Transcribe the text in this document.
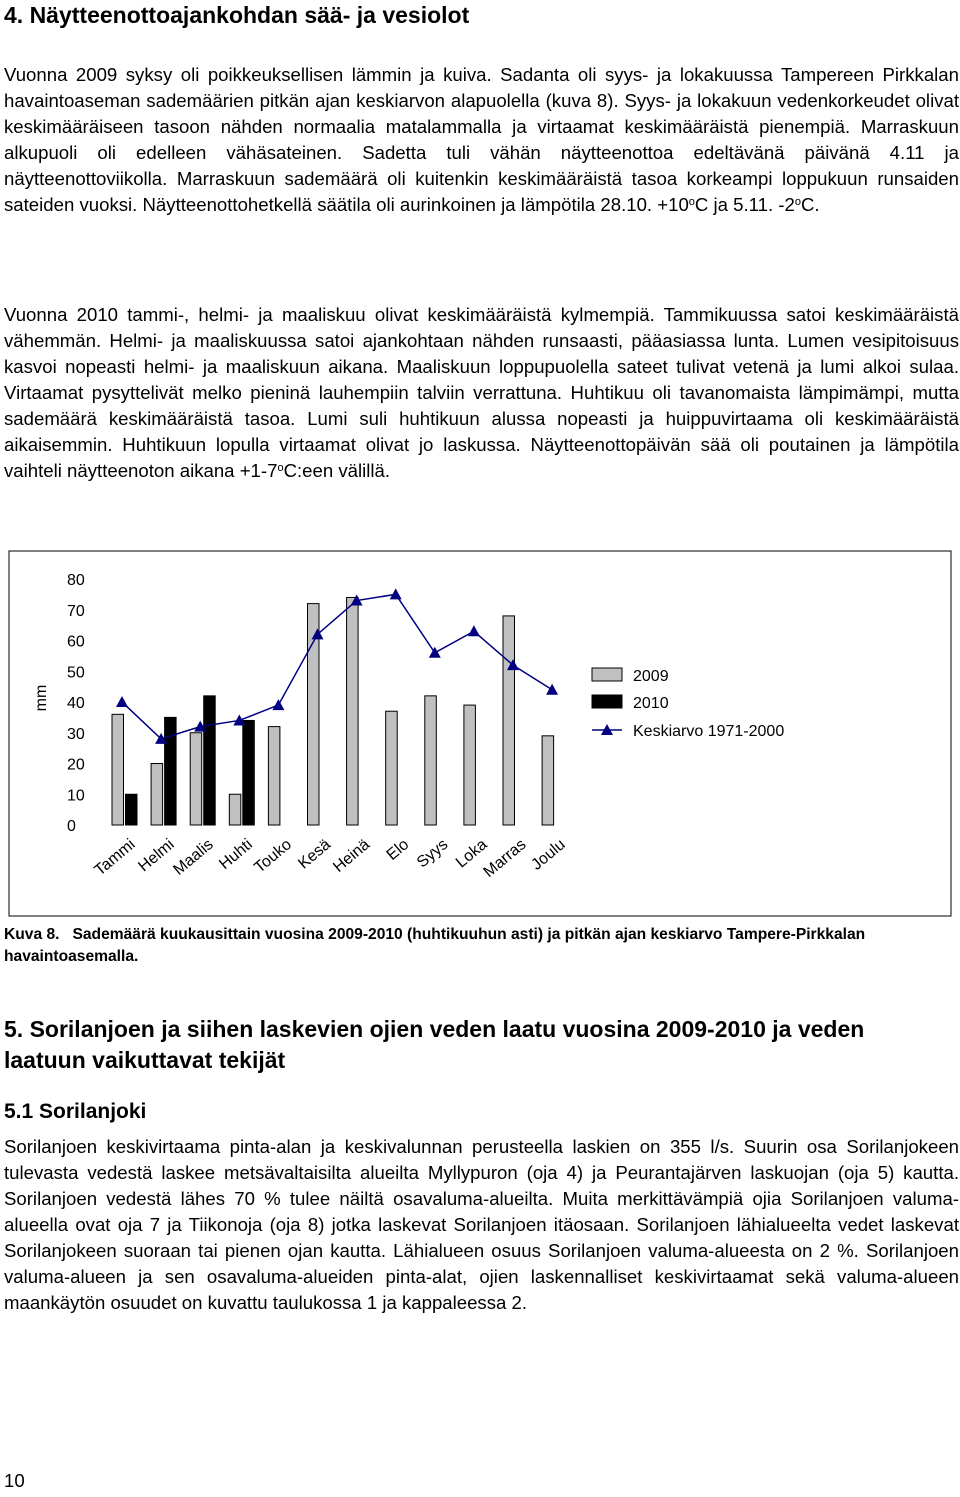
4. Näytteenottoajankohdan sää- ja vesiolot

Vuonna 2009 syksy oli poikkeuksellisen lämmin ja kuiva. Sadanta oli syys- ja lokakuussa Tampereen Pirkkalan havaintoaseman sademäärien pitkän ajan keskiarvon alapuolella (kuva 8). Syys- ja lokakuun vedenkorkeudet olivat keskimääräiseen tasoon nähden normaalia matalammalla ja virtaamat keskimääräistä pienempiä. Marraskuun alkupuoli oli edelleen vähäsateinen. Sadetta tuli vähän näytteenottoa edeltävänä päivänä 4.11 ja näytteenottoviikolla. Marraskuun sademäärä oli kuitenkin keskimääräistä tasoa korkeampi loppukuun runsaiden sateiden vuoksi. Näytteenottohetkellä säätila oli aurinkoinen ja lämpötila 28.10. $+10^oC$ ja 5.11. -2$^o$C.

Vuonna 2010 tammi-, helmi- ja maaliskuu olivat keskimääräistä kylmempiä. Tammikuussa satoi keskimääräistä vähemmän. Helmi- ja maaliskuussa satoi ajankohtaan nähden runsaasti, pääasiassa lunta. Lumen vesipitoisuus kasvoi nopeasti helmi- ja maaliskuun aikana. Maaliskuun loppupuolella sateet tulivat vetenä ja lumi alkoi sulaa. Virtaamat pysyttelivät melko pieninä lauhempiin talviin verrattuna. Huhtikuu oli tavanomaista lämpimämpi, mutta sademäärä keskimääräistä tasoa. Lumi suli huhtikuun alussa nopeasti ja huippuvirtaama oli keskimääräistä aikaisemmin. Huhtikuun lopulla virtaamat olivat jo laskussa. Näytteenottopäivän sää oli poutainen ja lämpötila vaihteli näytteenoton aikana $+1-7^oC:een$ välillä.

mm
80
70
60
50
40
30
20
10
0
Tammi
Helmi
Maalis Huhti
Touko Kesä
Heinä Elo Syys Loka
Marras
Joulu
2009
2010
Keskiarvo 1971-2000

Kuva 8. Sademäärä kuukausittain vuosina 2009-2010 (huhtikuuhun asti) ja pitkän ajan keskiarvo Tampere-Pirkkalan havaintoasemalla.

5. Sorilanjoen ja siihen laskevien ojien veden laatu vuosina 2009-2010 ja veden laatuun vaikuttavat tekijät
5.1 Sorilanjoki

Sorilanjoen keskivirtaama pinta-alan ja keskivalunnan perusteella laskien on 355 l/s. Suurin osa Sorilanjokeen tulevasta vedestä laskee metsävaltaisilta alueilta Myllypuron (oja 4) ja Peurantajärven laskuojan (oja 5) kautta. Sorilanjoen vedestä lähes 70 % tulee näiltä osavaluma-alueilta. Muita merkittävämpiä ojia Sorilanjoen valuma-alueella ovat oja 7 ja Tiikonoja (oja 8) jotka laskevat Sorilanjoen itäosaan. Sorilanjoen lähialueelta vedet laskevat Sorilanjokeen suoraan tai pienen ojan kautta. Lähialueen osuus Sorilanjoen valuma-alueesta on 2 %. Sorilanjoen valuma-alueen ja sen osavaluma-alueiden pinta-alat, ojien laskennalliset keskivirtaamat sekä valuma-alueen maankäytön osuudet on kuvattu taulukossa 1 ja kappaleessa 2.

10
